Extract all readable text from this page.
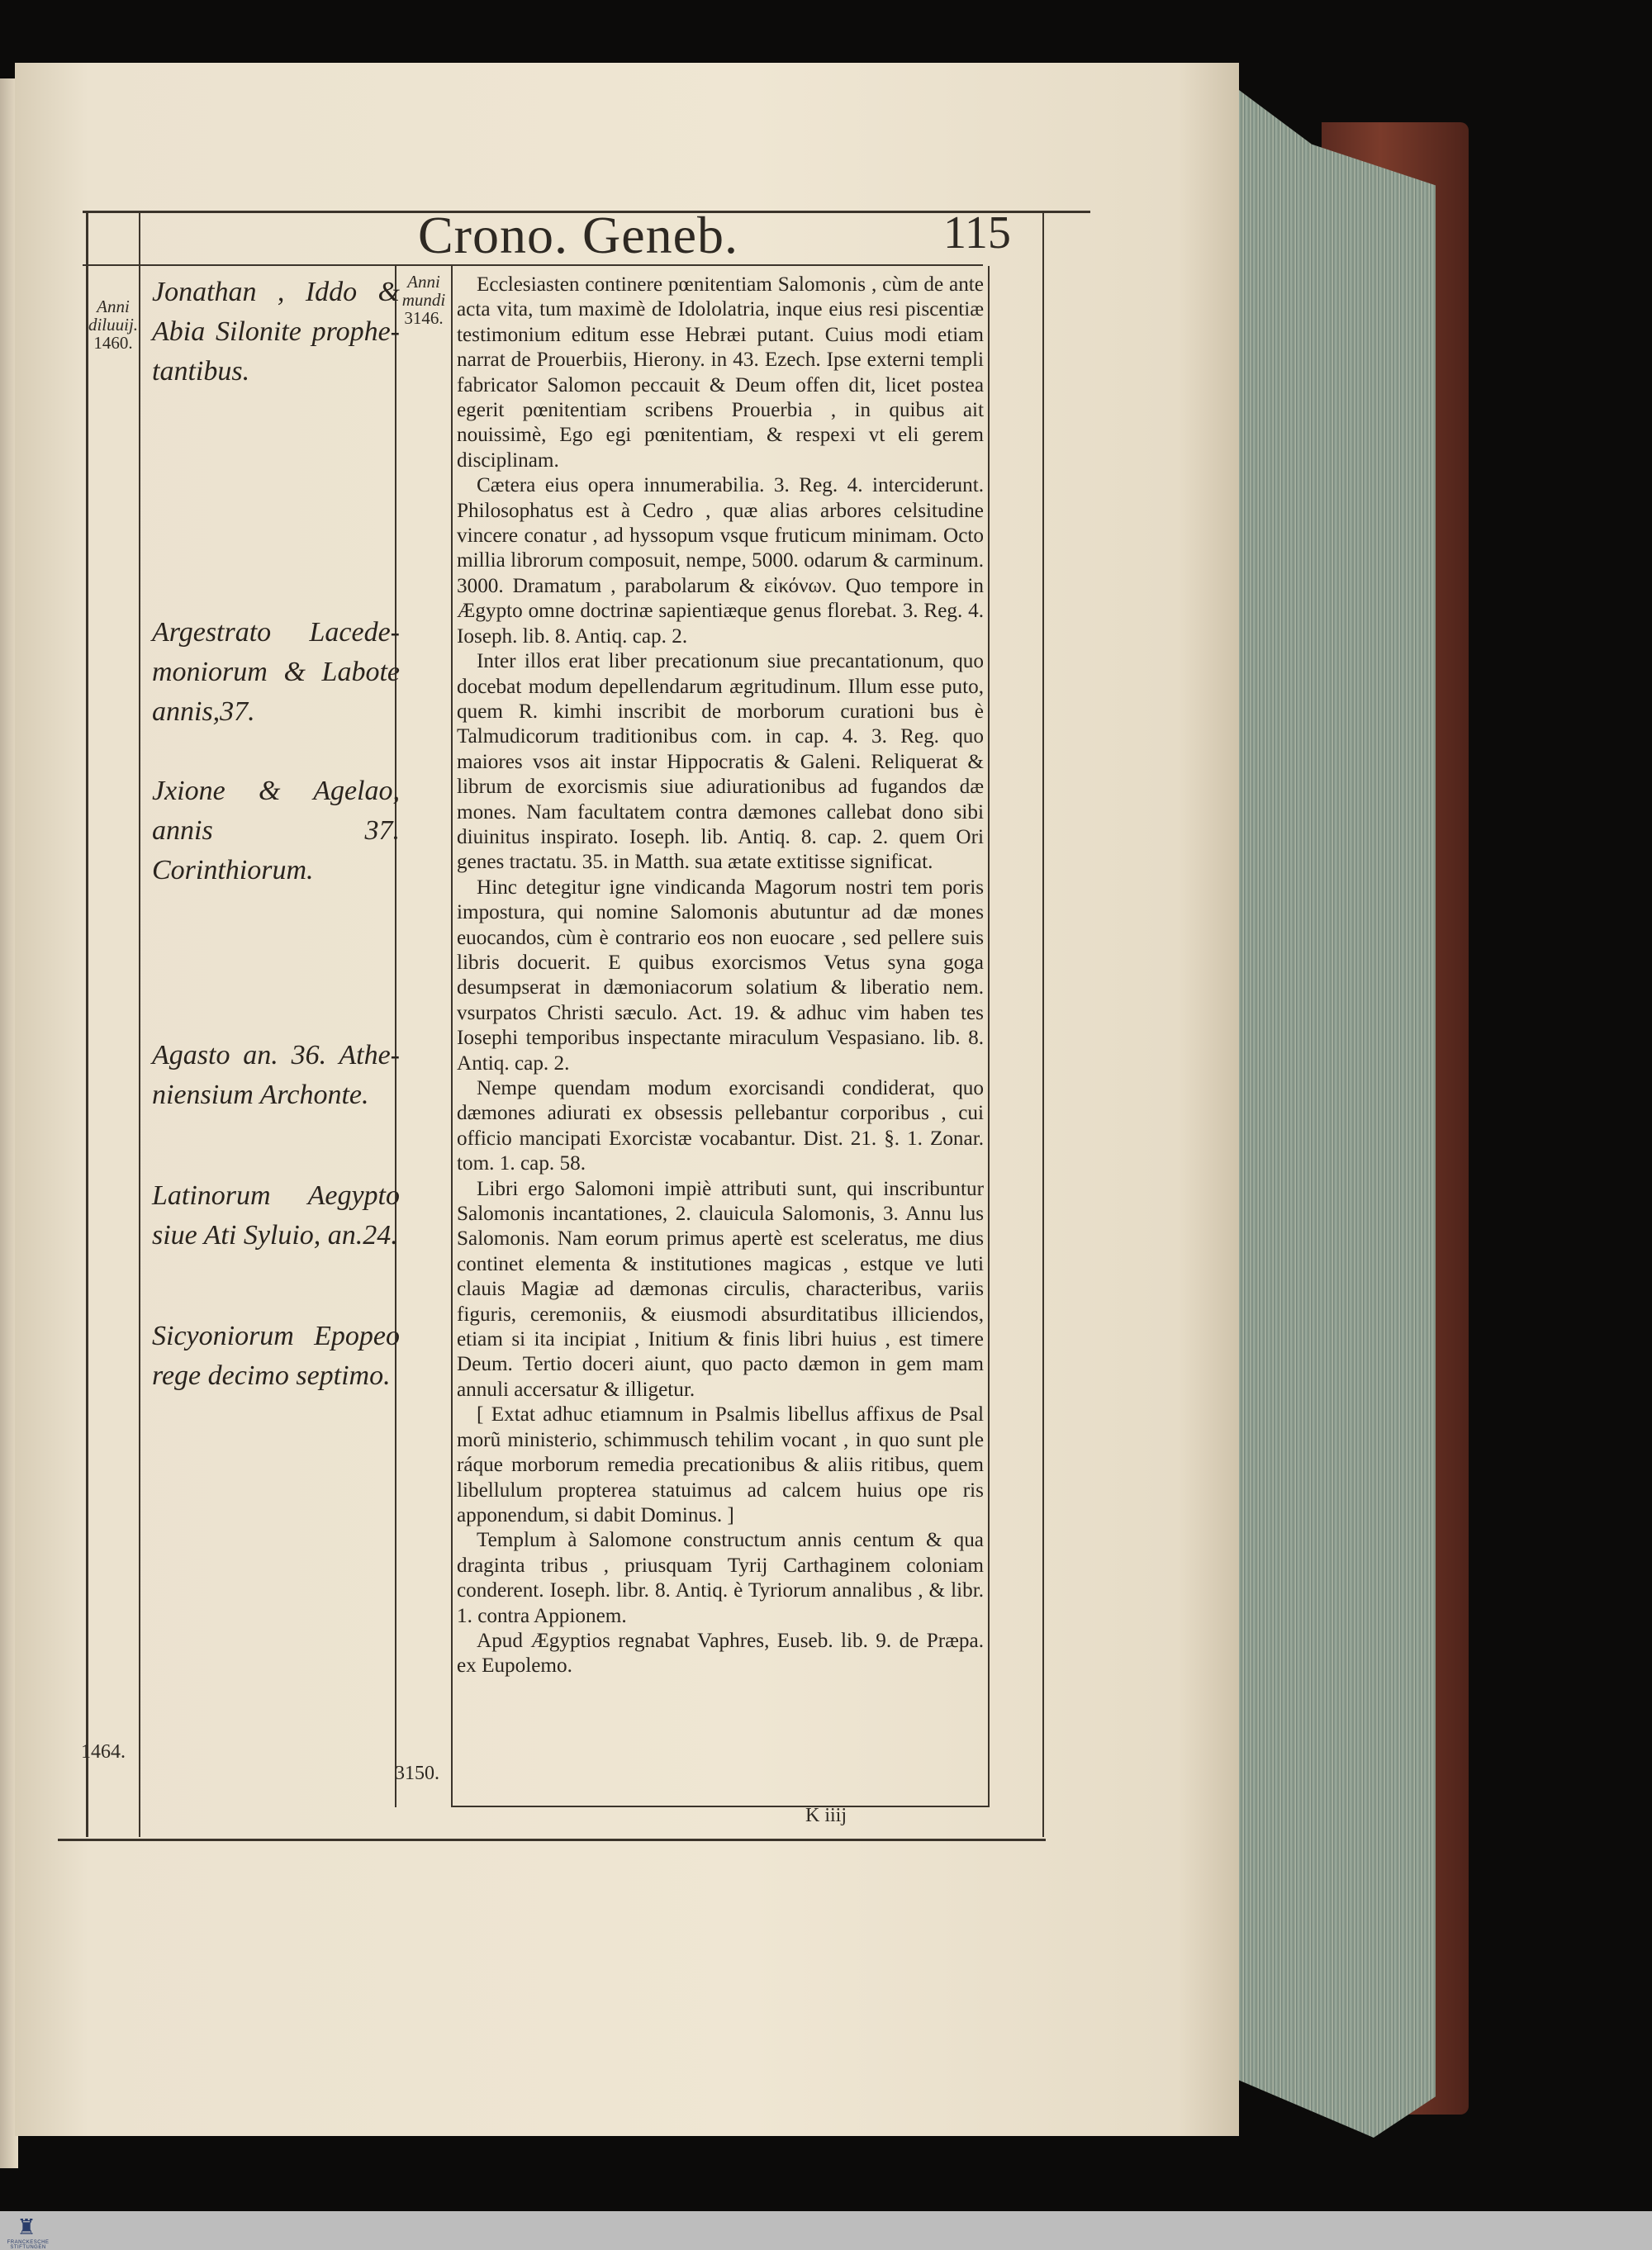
Crono. Geneb.	115
Anni
diluuij.
1460.
1464.
Anni
mundi
3146.
3150.
Jonathan , Iddo & Abia Silonite prophe-tantibus.
Argestrato Lacede-moniorum & Labote annis,37.
Jxione & Agelao, annis 37. Corinthiorum.
Agasto an. 36. Athe-niensium Archonte.
Latinorum Aegypto siue Ati Syluio, an.24.
Sicyoniorum Epopeo rege decimo septimo.

Ecclesiasten continere pœnitentiam Salomonis , cùm de ante acta vita, tum maximè de Idololatria, inque eius resi piscentiæ testimonium editum esse Hebræi putant. Cuius modi etiam narrat de Prouerbiis, Hierony. in 43. Ezech. Ipse externi templi fabricator Salomon peccauit & Deum offen dit, licet postea egerit pœnitentiam scribens Prouerbia , in quibus ait nouissimè, Ego egi pœnitentiam, & respexi vt eli gerem disciplinam.

Cætera eius opera innumerabilia. 3. Reg. 4. interciderunt. Philosophatus est à Cedro , quæ alias arbores celsitudine vincere conatur , ad hyssopum vsque fruticum minimam. Octo millia librorum composuit, nempe, 5000. odarum & carminum. 3000. Dramatum , parabolarum & εἰκόνων. Quo tempore in Ægypto omne doctrinæ sapientiæque genus florebat. 3. Reg. 4. Ioseph. lib. 8. Antiq. cap. 2.

Inter illos erat liber precationum siue precantationum, quo docebat modum depellendarum ægritudinum. Illum esse puto, quem R. kimhi inscribit de morborum curationi bus è Talmudicorum traditionibus com. in cap. 4. 3. Reg. quo maiores vsos ait instar Hippocratis & Galeni. Reliquerat & librum de exorcismis siue adiurationibus ad fugandos dæ mones. Nam facultatem contra dæmones callebat dono sibi diuinitus inspirato. Ioseph. lib. Antiq. 8. cap. 2. quem Ori genes tractatu. 35. in Matth. sua ætate extitisse significat.

Hinc detegitur igne vindicanda Magorum nostri tem poris impostura, qui nomine Salomonis abutuntur ad dæ mones euocandos, cùm è contrario eos non euocare , sed pellere suis libris docuerit. E quibus exorcismos Vetus syna goga desumpserat in dæmoniacorum solatium & liberatio nem. vsurpatos Christi sæculo. Act. 19. & adhuc vim haben tes Iosephi temporibus inspectante miraculum Vespasiano. lib. 8. Antiq. cap. 2.

Nempe quendam modum exorcisandi condiderat, quo dæmones adiurati ex obsessis pellebantur corporibus , cui officio mancipati Exorcistæ vocabantur. Dist. 21. §. 1. Zonar. tom. 1. cap. 58.

Libri ergo Salomoni impiè attributi sunt, qui inscribuntur Salomonis incantationes, 2. clauicula Salomonis, 3. Annu lus Salomonis. Nam eorum primus apertè est sceleratus, me dius continet elementa & institutiones magicas , estque ve luti clauis Magiæ ad dæmonas circulis, characteribus, variis figuris, ceremoniis, & eiusmodi absurditatibus illiciendos, etiam si ita incipiat , Initium & finis libri huius , est timere Deum. Tertio doceri aiunt, quo pacto dæmon in gem mam annuli accersatur & illigetur.

[ Extat adhuc etiamnum in Psalmis libellus affixus de Psal morũ ministerio, schimmusch tehilim vocant , in quo sunt ple ráque morborum remedia precationibus & aliis ritibus, quem libellulum propterea statuimus ad calcem huius ope ris apponendum, si dabit Dominus. ]

Templum à Salomone constructum annis centum & qua draginta tribus , priusquam Tyrij Carthaginem coloniam conderent. Ioseph. libr. 8. Antiq. è Tyriorum annalibus , & libr. 1. contra Appionem.

Apud Ægyptios regnabat Vaphres, Euseb. lib. 9. de Præpa. ex Eupolemo.

K iiij
♜
FRANCKESCHE STIFTUNGEN
